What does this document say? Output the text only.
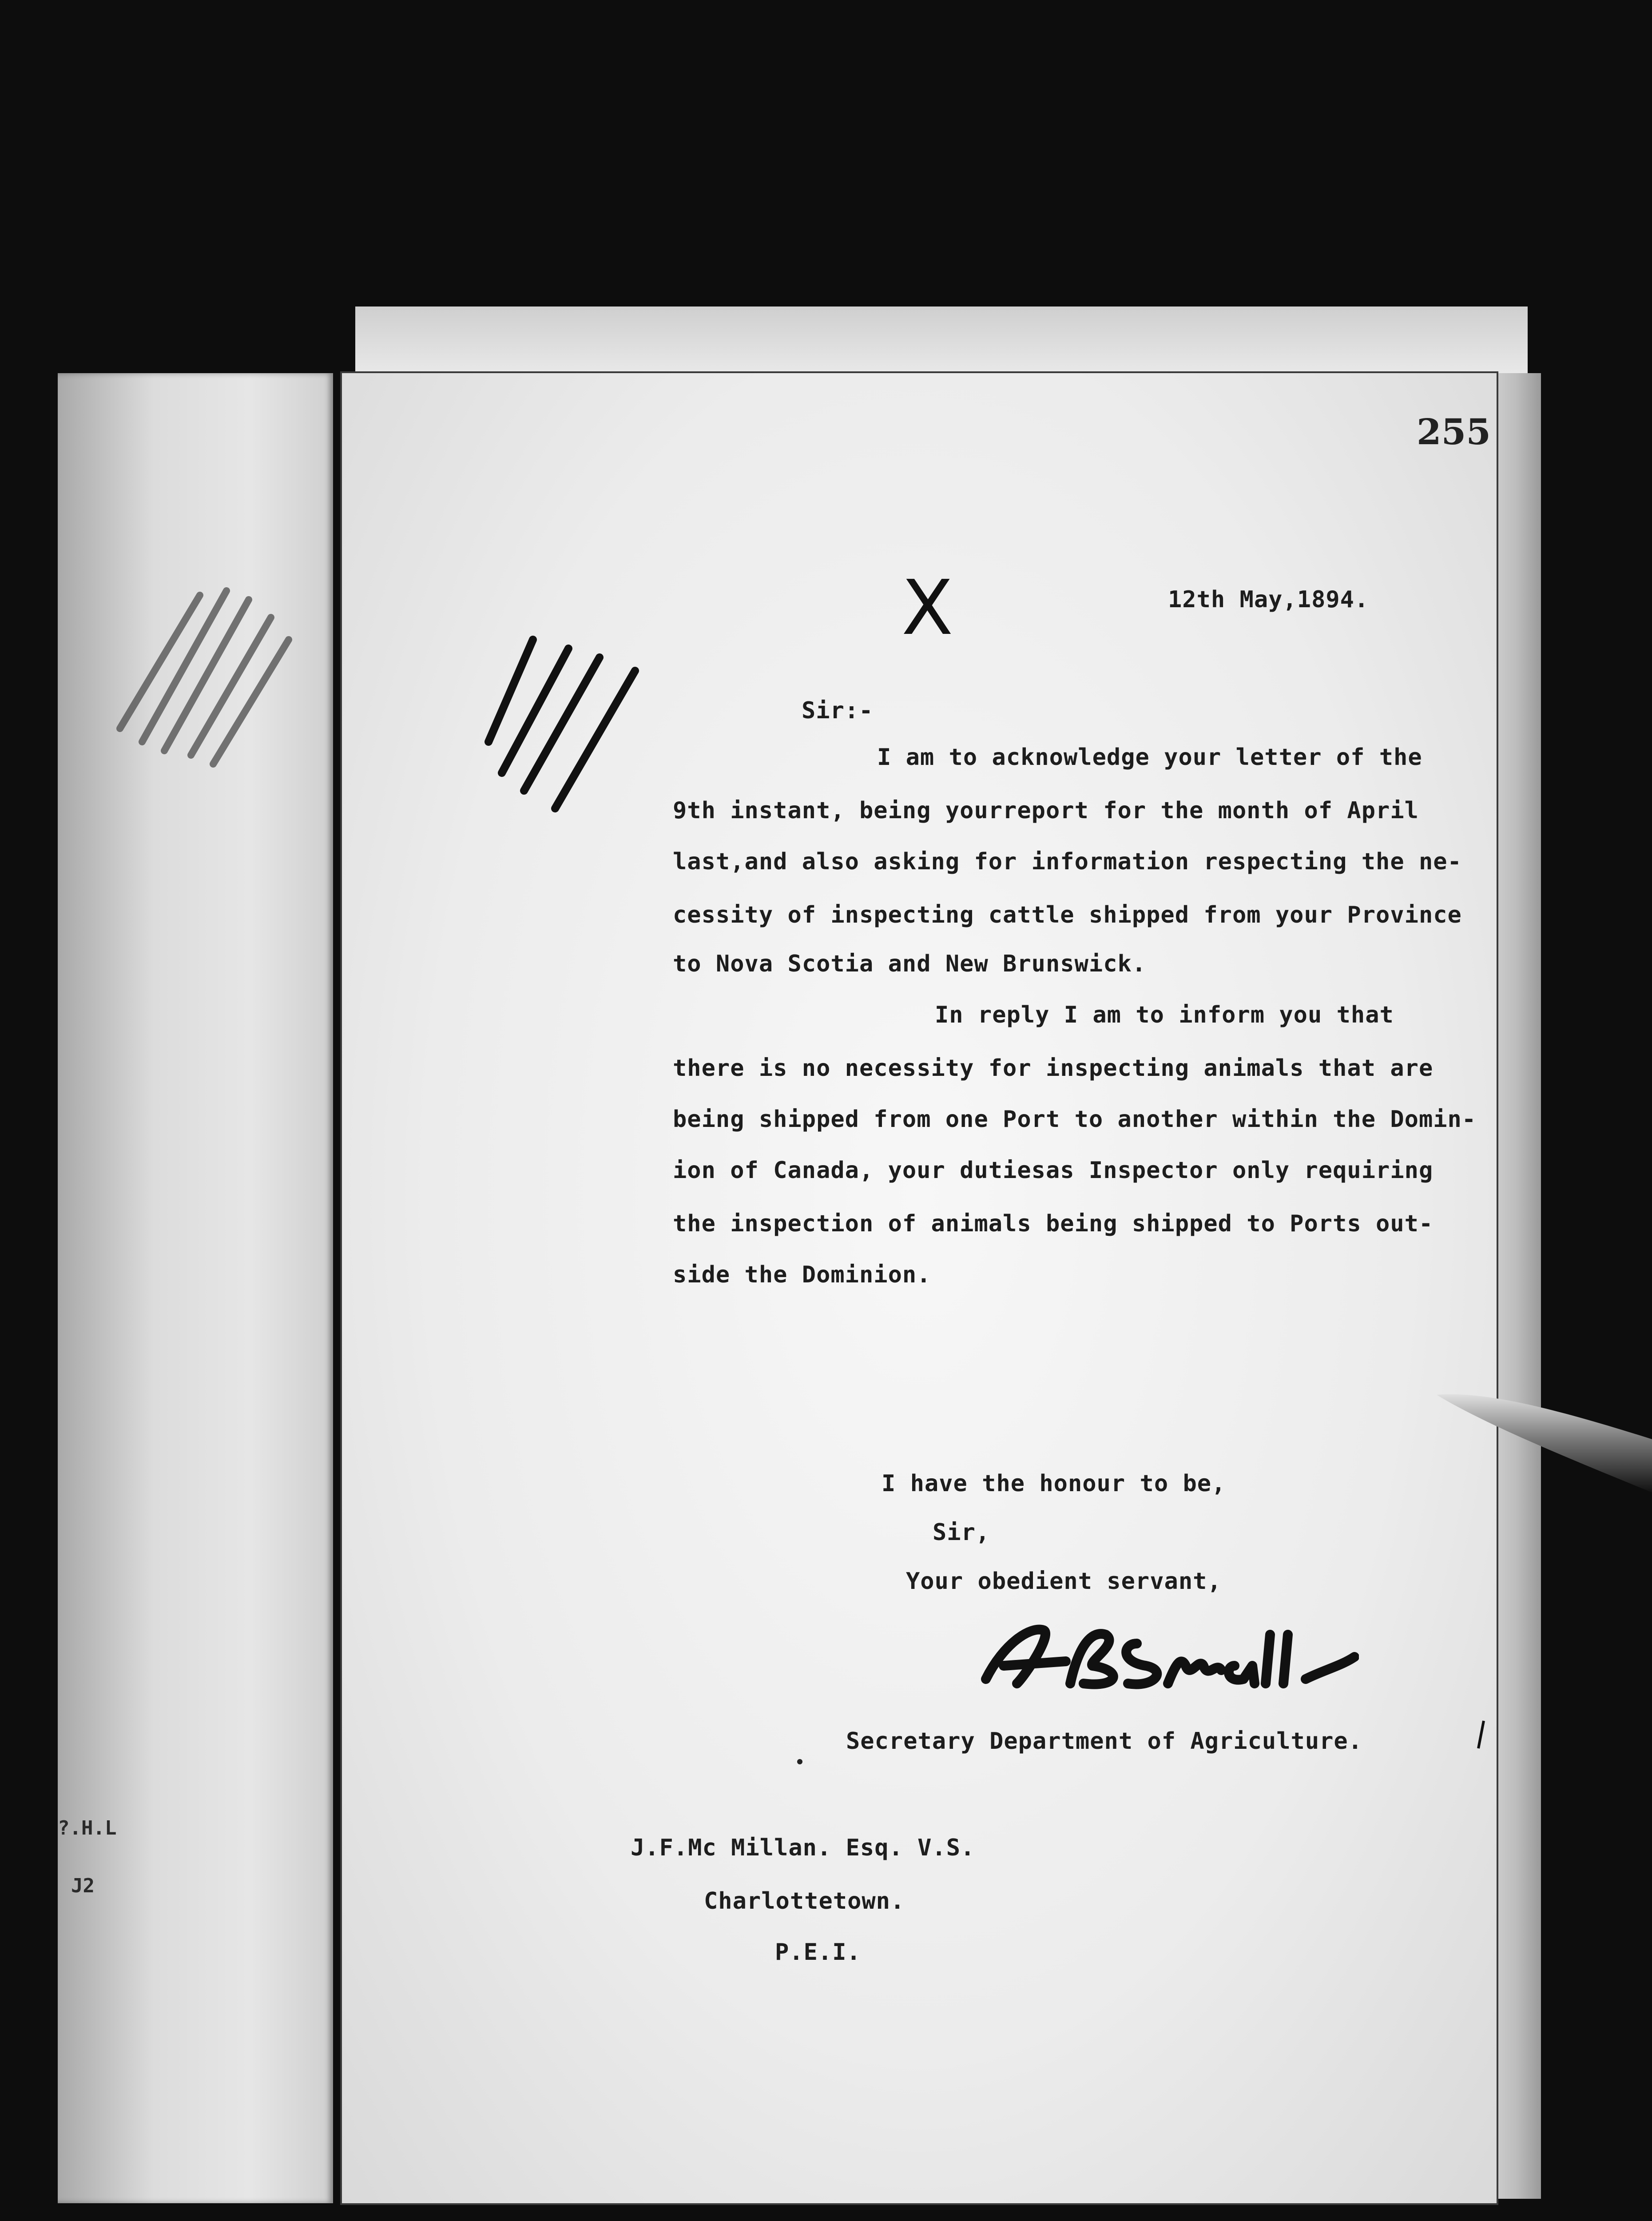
?.H.L
J2
255
X	12th May,1894.
Sir:-
I am to acknowledge your letter of the
9th instant, being yourreport for the month of April
last,and also asking for information respecting the ne-
cessity of inspecting cattle shipped from your Province
to Nova Scotia and New Brunswick.
In reply I am to inform you that
there is no necessity for inspecting animals that are
being shipped from one Port to another within the Domin-
ion of Canada, your dutiesas Inspector only requiring
the inspection of animals being shipped to Ports out-
side the Dominion.
I have the honour to be,
Sir,
Your obedient servant,
Secretary Department of Agriculture.
J.F.Mc Millan. Esq. V.S.
Charlottetown.
P.E.I.
